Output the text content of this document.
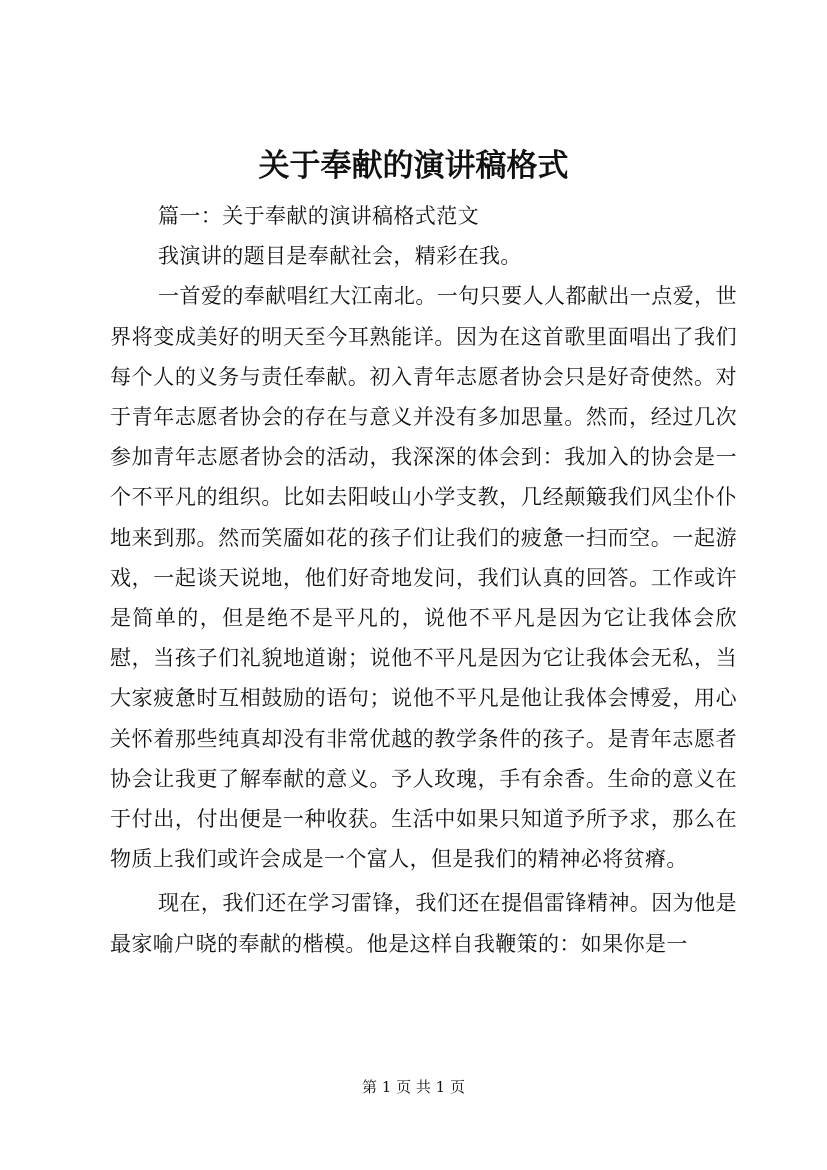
关于奉献的演讲稿格式

篇一：关于奉献的演讲稿格式范文

我演讲的题目是奉献社会，精彩在我。

一首爱的奉献唱红大江南北。一句只要人人都献出一点爱，世界将变成美好的明天至今耳熟能详。因为在这首歌里面唱出了我们每个人的义务与责任奉献。初入青年志愿者协会只是好奇使然。对于青年志愿者协会的存在与意义并没有多加思量。然而，经过几次参加青年志愿者协会的活动，我深深的体会到：我加入的协会是一个不平凡的组织。比如去阳岐山小学支教，几经颠簸我们风尘仆仆地来到那。然而笑靥如花的孩子们让我们的疲惫一扫而空。一起游戏，一起谈天说地，他们好奇地发问，我们认真的回答。工作或许是简单的，但是绝不是平凡的，说他不平凡是因为它让我体会欣慰，当孩子们礼貌地道谢；说他不平凡是因为它让我体会无私，当大家疲惫时互相鼓励的语句；说他不平凡是他让我体会博爱，用心关怀着那些纯真却没有非常优越的教学条件的孩子。是青年志愿者协会让我更了解奉献的意义。予人玫瑰，手有余香。生命的意义在于付出，付出便是一种收获。生活中如果只知道予所予求，那么在物质上我们或许会成是一个富人，但是我们的精神必将贫瘠。

现在，我们还在学习雷锋，我们还在提倡雷锋精神。因为他是最家喻户晓的奉献的楷模。他是这样自我鞭策的：如果你是一

第 1 页 共 1 页
